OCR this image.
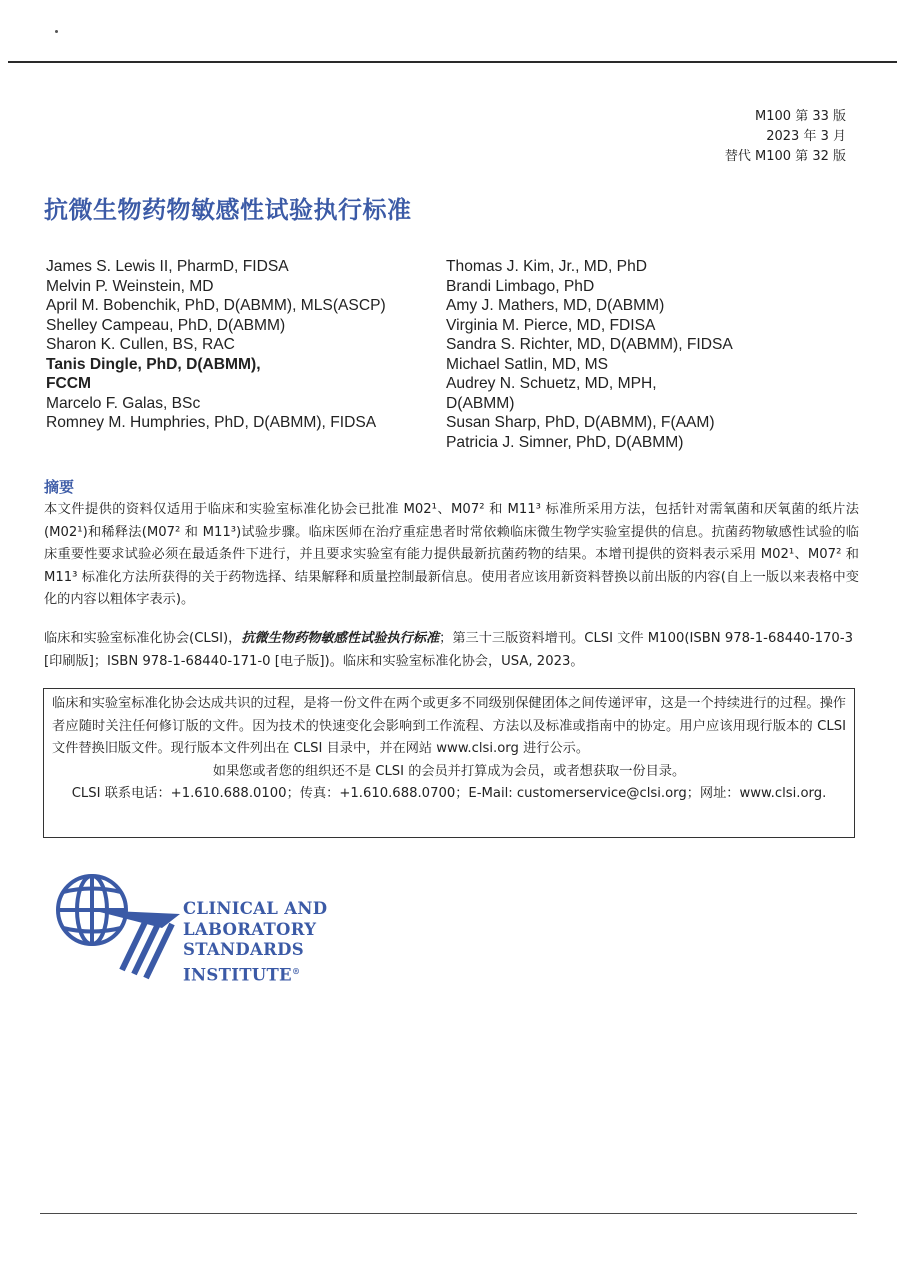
M100 第 33 版
2023 年 3 月
替代 M100 第 32 版
抗微生物药物敏感性试验执行标准
James S. Lewis II, PharmD, FIDSA
Melvin P. Weinstein, MD
April M. Bobenchik, PhD, D(ABMM), MLS(ASCP)
Shelley Campeau, PhD, D(ABMM)
Sharon K. Cullen, BS, RAC
Tanis Dingle, PhD, D(ABMM),
FCCM
Marcelo F. Galas, BSc
Romney M. Humphries, PhD, D(ABMM), FIDSA
Thomas J. Kim, Jr., MD, PhD
Brandi Limbago, PhD
Amy J. Mathers, MD, D(ABMM)
Virginia M. Pierce, MD, FDISA
Sandra S. Richter, MD, D(ABMM), FIDSA
Michael Satlin, MD, MS
Audrey N. Schuetz, MD, MPH,
D(ABMM)
Susan Sharp, PhD, D(ABMM), F(AAM)
Patricia J. Simner, PhD, D(ABMM)
摘要
本文件提供的资料仅适用于临床和实验室标准化协会已批准 M02¹、M07² 和 M11³ 标准所采用方法，包括针对需氧菌和厌氧菌的纸片法(M02¹)和稀释法(M07² 和 M11³)试验步骤。临床医师在治疗重症患者时常依赖临床微生物学实验室提供的信息。抗菌药物敏感性试验的临床重要性要求试验必须在最适条件下进行，并且要求实验室有能力提供最新抗菌药物的结果。本增刊提供的资料表示采用 M02¹、M07² 和 M11³ 标准化方法所获得的关于药物选择、结果解释和质量控制最新信息。使用者应该用新资料替换以前出版的内容(自上一版以来表格中变化的内容以粗体字表示)。
临床和实验室标准化协会(CLSI)，抗微生物药物敏感性试验执行标准；第三十三版资料增刊。CLSI 文件 M100(ISBN 978-1-68440-170-3 [印刷版]；ISBN 978-1-68440-171-0 [电子版])。临床和实验室标准化协会，USA, 2023。

临床和实验室标准化协会达成共识的过程，是将一份文件在两个或更多不同级别保健团体之间传递评审，这是一个持续进行的过程。操作者应随时关注任何修订版的文件。因为技术的快速变化会影响到工作流程、方法以及标准或指南中的协定。用户应该用现行版本的 CLSI 文件替换旧版文件。现行版本文件列出在 CLSI 目录中，并在网站 www.clsi.org 进行公示。

如果您或者您的组织还不是 CLSI 的会员并打算成为会员，或者想获取一份目录。

CLSI 联系电话：+1.610.688.0100；传真：+1.610.688.0700；E-Mail: customerservice@clsi.org；网址：www.clsi.org.

CLINICAL AND
LABORATORY
STANDARDS
INSTITUTE®
